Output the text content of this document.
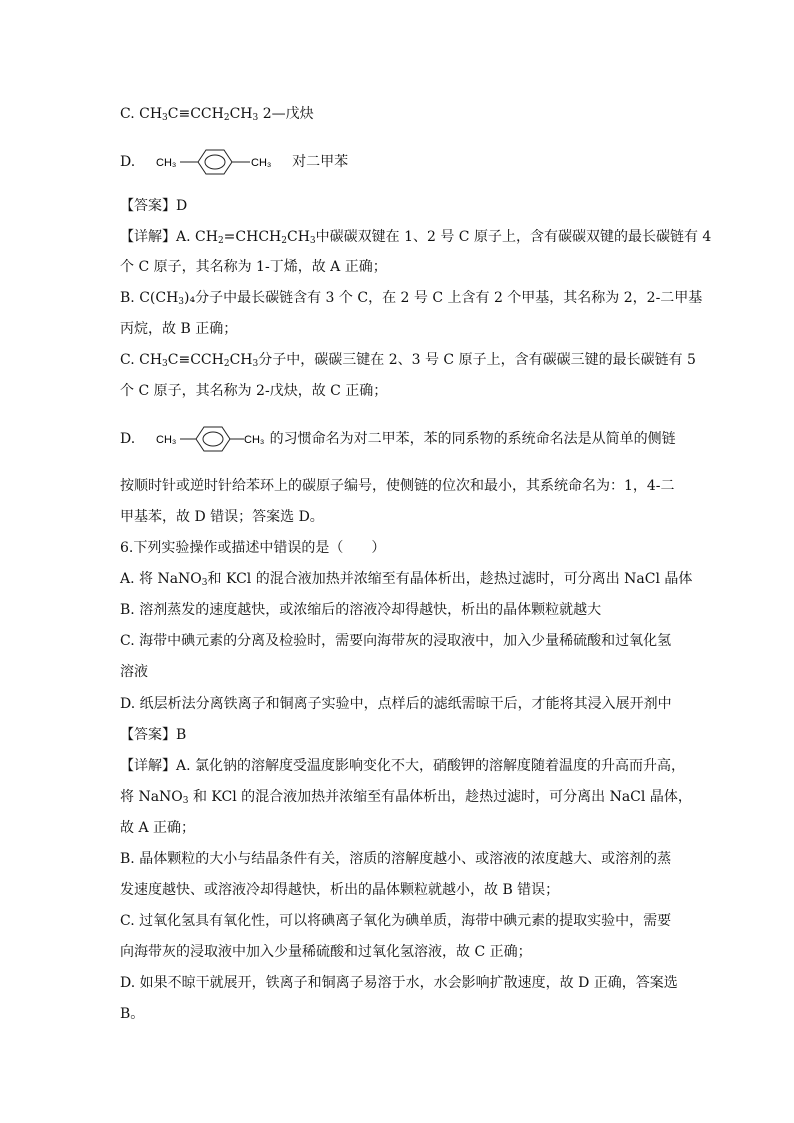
C. $CH_3C\equiv CCH_2CH_3$ 2—戊炔
D. CH₃	CH₃ 对二甲苯
【答案】D
【详解】A. $CH_2=CHCH_2CH_3$中碳碳双键在 1、2 号 C 原子上，含有碳碳双键的最长碳链有 4
个 C 原子，其名称为 1-丁烯，故 A 正确；
B. $C(CH_3)_4$分子中最长碳链含有 3 个 C，在 2 号 C 上含有 2 个甲基，其名称为 2，2-二甲基
丙烷，故 B 正确；
C. $CH_3C\equiv CCH_2CH_3$分子中，碳碳三键在 2、3 号 C 原子上，含有碳碳三键的最长碳链有 5
个 C 原子，其名称为 2-戊炔，故 C 正确；
D. CH₃	CH₃ 的习惯命名为对二甲苯，苯的同系物的系统命名法是从简单的侧链
按顺时针或逆时针给苯环上的碳原子编号，使侧链的位次和最小，其系统命名为：1，4-二
甲基苯，故 D 错误；答案选 D。
6.下列实验操作或描述中错误的是（　　）
A. 将 NaNO$_3$和 KCl 的混合液加热并浓缩至有晶体析出，趁热过滤时，可分离出 NaCl 晶体
B. 溶剂蒸发的速度越快，或浓缩后的溶液冷却得越快，析出的晶体颗粒就越大
C. 海带中碘元素的分离及检验时，需要向海带灰的浸取液中，加入少量稀硫酸和过氧化氢
溶液
D. 纸层析法分离铁离子和铜离子实验中，点样后的滤纸需晾干后，才能将其浸入展开剂中
【答案】B
【详解】A. 氯化钠的溶解度受温度影响变化不大，硝酸钾的溶解度随着温度的升高而升高，
将 NaNO$_3$ 和 KCl 的混合液加热并浓缩至有晶体析出，趁热过滤时，可分离出 NaCl 晶体，
故 A 正确；
B. 晶体颗粒的大小与结晶条件有关，溶质的溶解度越小、或溶液的浓度越大、或溶剂的蒸
发速度越快、或溶液冷却得越快，析出的晶体颗粒就越小，故 B 错误；
C. 过氧化氢具有氧化性，可以将碘离子氧化为碘单质，海带中碘元素的提取实验中，需要
向海带灰的浸取液中加入少量稀硫酸和过氧化氢溶液，故 C 正确；
D. 如果不晾干就展开，铁离子和铜离子易溶于水，水会影响扩散速度，故 D 正确，答案选
B。
